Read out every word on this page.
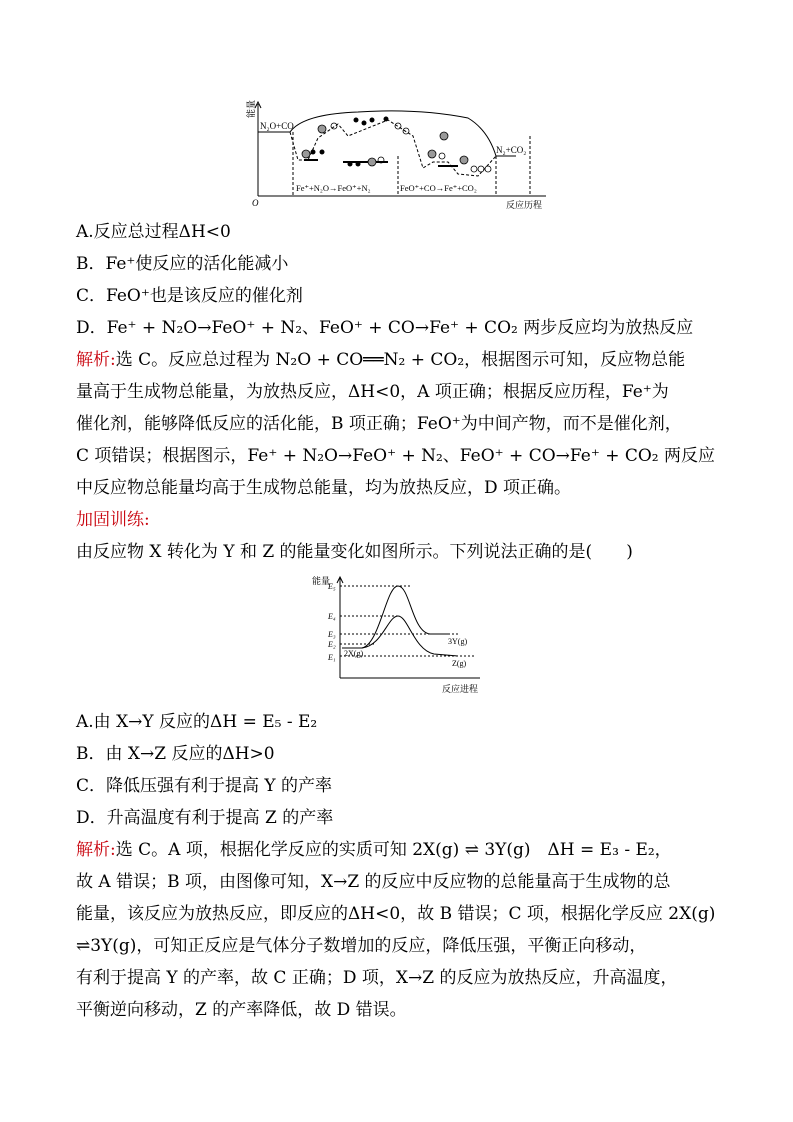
能量
O	反应历程
N₂O+CO
N₂+CO₂
Fe⁺+N₂O→FeO⁺+N₂	FeO⁺+CO→Fe⁺+CO₂
A.反应总过程ΔH<0
B．Fe⁺使反应的活化能减小
C．FeO⁺也是该反应的催化剂
D．Fe⁺ + N₂O→FeO⁺ + N₂、FeO⁺ + CO→Fe⁺ + CO₂ 两步反应均为放热反应
解析:选 C。反应总过程为 N₂O + CO══N₂ + CO₂，根据图示可知，反应物总能
量高于生成物总能量，为放热反应，ΔH<0，A 项正确；根据反应历程，Fe⁺为
催化剂，能够降低反应的活化能，B 项正确；FeO⁺为中间产物，而不是催化剂，
C 项错误；根据图示，Fe⁺ + N₂O→FeO⁺ + N₂、FeO⁺ + CO→Fe⁺ + CO₂ 两反应
中反应物总能量均高于生成物总能量，均为放热反应，D 项正确。
加固训练:
由反应物 X 转化为 Y 和 Z 的能量变化如图所示。下列说法正确的是(　　)
能量
E₅
E₄
E₃
E₂
E₁
3Y(g)
2X(g)
Z(g)
反应进程
A.由 X→Y 反应的ΔH = E₅ - E₂
B．由 X→Z 反应的ΔH>0
C．降低压强有利于提高 Y 的产率
D．升高温度有利于提高 Z 的产率
解析:选 C。A 项，根据化学反应的实质可知 2X(g) ⇌ 3Y(g)　ΔH = E₃ - E₂，
故 A 错误；B 项，由图像可知，X→Z 的反应中反应物的总能量高于生成物的总
能量，该反应为放热反应，即反应的ΔH<0，故 B 错误；C 项，根据化学反应 2X(g)
⇌3Y(g)，可知正反应是气体分子数增加的反应，降低压强，平衡正向移动，
有利于提高 Y 的产率，故 C 正确；D 项，X→Z 的反应为放热反应，升高温度，
平衡逆向移动，Z 的产率降低，故 D 错误。
